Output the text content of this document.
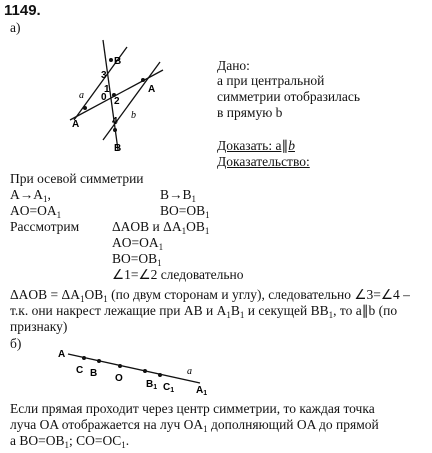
1149.
а)
B
B
A
A
a
b
0
1
2
3
4
Дано:
a при центральной
симметрии отобразилась
в прямую b
Доказать: a∥b
Доказательство:
При осевой симметрии
$A\to A_1$,	$B\to B_1$
$AO=OA_1$	$BO=OB_1$
Рассмотрим ΔAOB и $\Delta A_1OB_1$
$AO=OA_1$
$BO=OB_1$
∠1=∠2 следовательно
$\Delta AOB = \Delta A_1OB_1$ (по двум сторонам и углу), следовательно ∠3=∠4 –
т.к. они накрест лежащие при AB и $A_1B_1$ и секущей $BB_1$, то a∥b (по
признаку)
б)
A
C B O
$B_1$ $C_1$ $A_1$
a
Если прямая проходит через центр симметрии, то каждая точка
луча OA отображается на луч $OA_1$ дополняющий OA до прямой
a $BO=OB_1$; $CO=OC_1$.
